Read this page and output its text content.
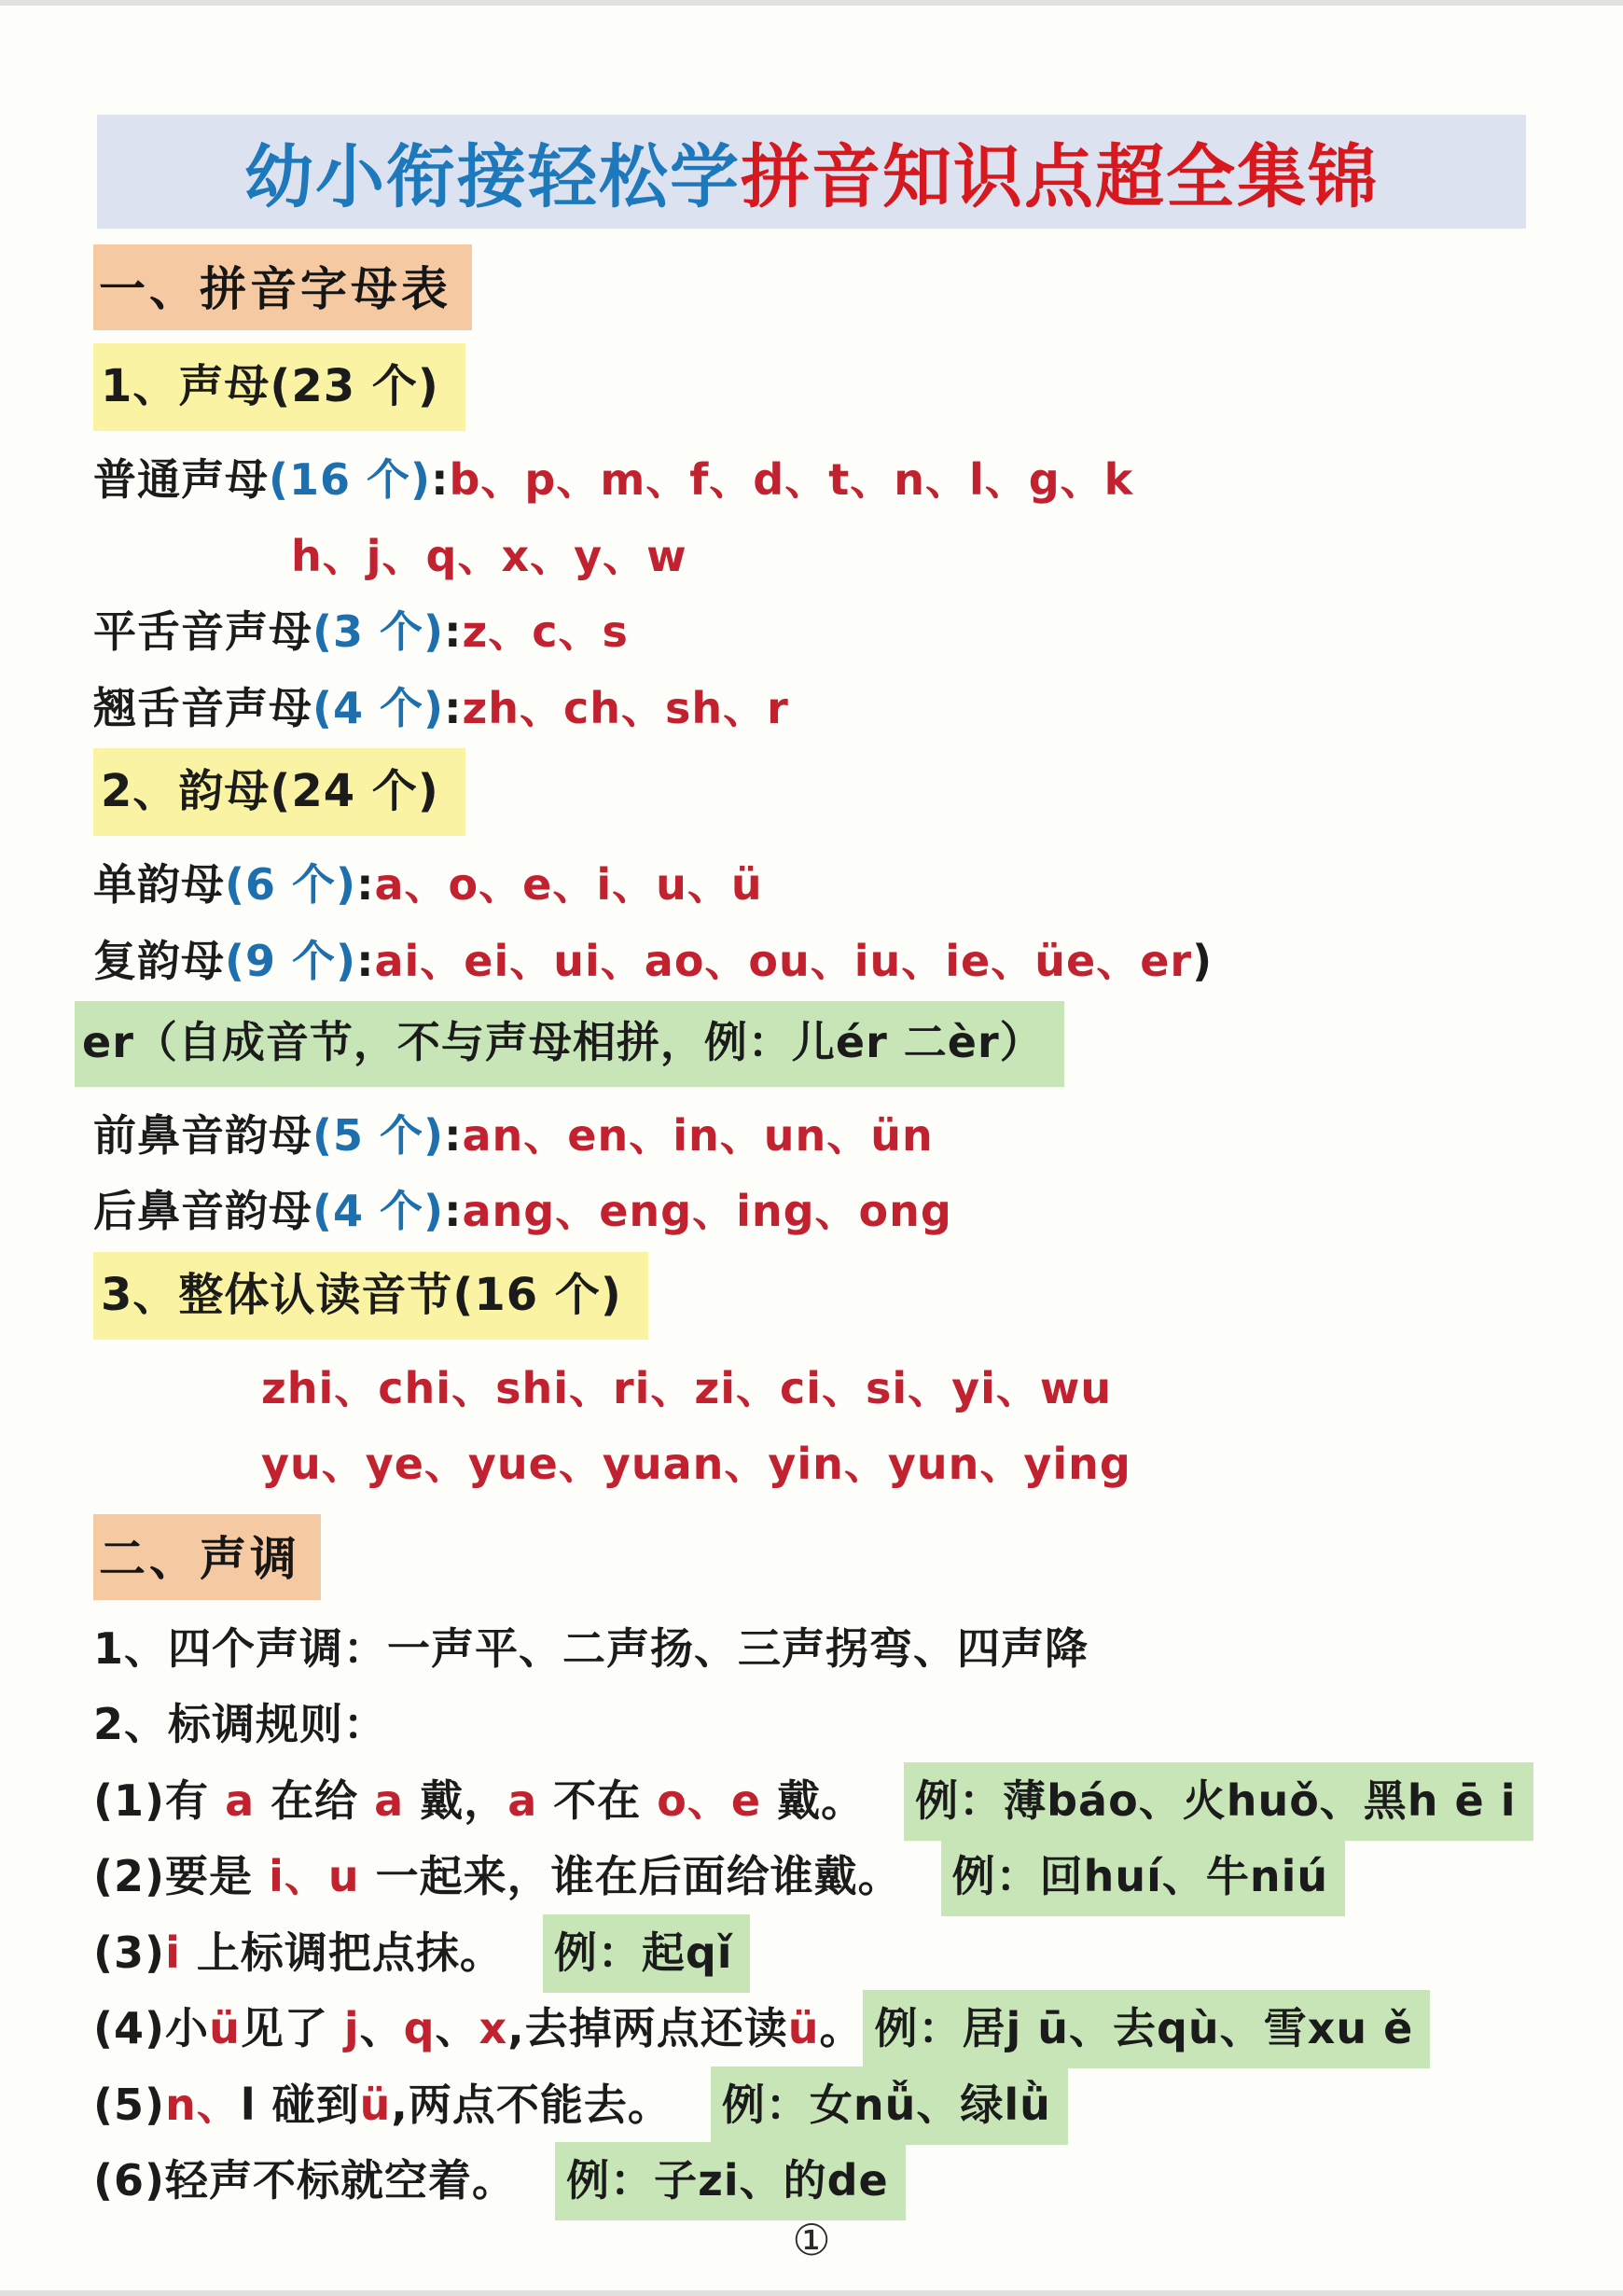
幼小衔接轻松学 拼音知识点超全集锦
一、拼音字母表
1、声母(23 个)
普通声母(16 个):b、p、m、f、d、t、n、l、g、k
h、j、q、x、y、w
平舌音声母(3 个):z、c、s
翘舌音声母(4 个):zh、ch、sh、r
2、韵母(24 个)
单韵母(6 个):a、o、e、i、u、ü
复韵母(9 个):ai、ei、ui、ao、ou、iu、ie、üe、er)
er（自成音节，不与声母相拼，例：儿ér 二èr）
前鼻音韵母(5 个):an、en、in、un、ün
后鼻音韵母(4 个):ang、eng、ing、ong
3、整体认读音节(16 个)
zhi、chi、shi、ri、zi、ci、si、yi、wu
yu、ye、yue、yuan、yin、yun、ying
二、声调
1、四个声调：一声平、二声扬、三声拐弯、四声降
2、标调规则：
(1)有 a 在给 a 戴，a 不在 o、e 戴。 例：薄báo、火huǒ、黑h ē i
(2)要是 i、u 一起来，谁在后面给谁戴。 例：回huí、牛niú
(3)i 上标调把点抹。 例：起qǐ
(4)小ü见了 j、q、x,去掉两点还读ü。 例：居j ū、去qù、雪xu ě
(5)n、l 碰到ü,两点不能去。 例：女nǚ、绿lǜ
(6)轻声不标就空着。 例：子zi、的de
①
